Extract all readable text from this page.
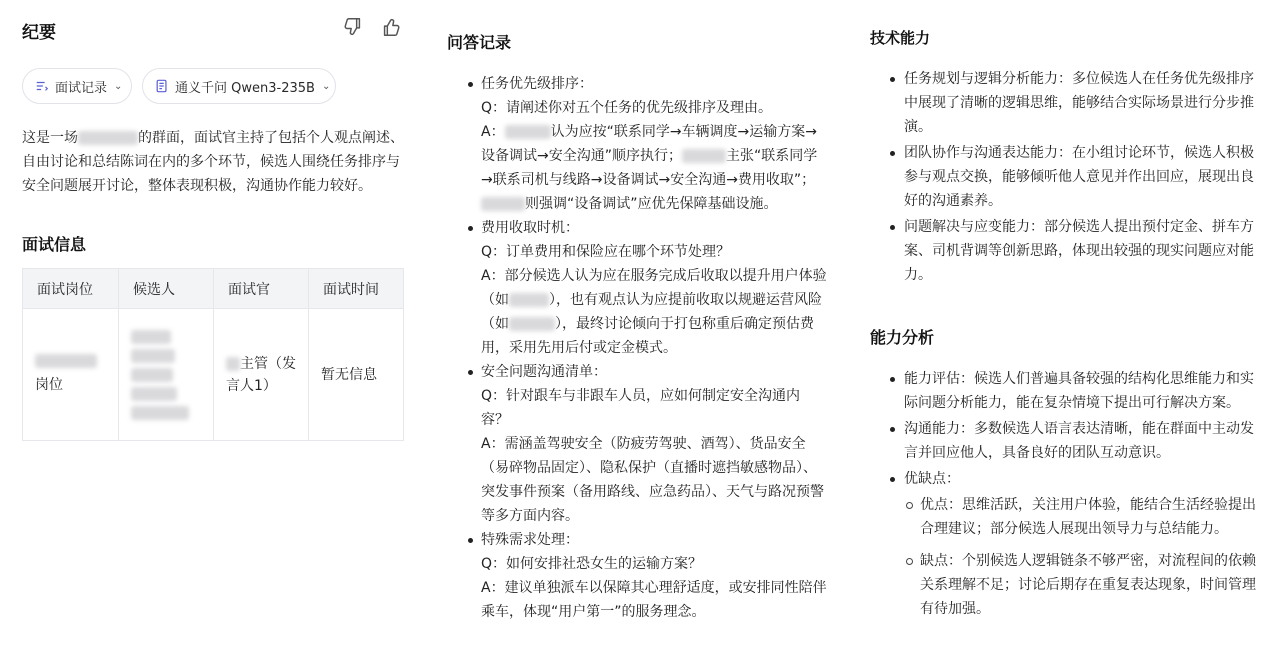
纪要
面试记录 ⌄	通义千问 Qwen3-235B ⌄
这是一场	的群面，面试官主持了包括个人观点阐述、自由讨论和总结陈词在内的多个环节，候选人围绕任务排序与安全问题展开讨论，整体表现积极，沟通协作能力较好。
面试信息
面试岗位	候选人	面试官	面试时间

岗位		主管（发言人1）	暂无信息
问答记录
任务优先级排序：
Q：请阐述你对五个任务的优先级排序及理由。
A：	认为应按“联系同学→车辆调度→运输方案→设备调试→安全沟通”顺序执行；	主张“联系同学→联系司机与线路→设备调试→安全沟通→费用收取”；则强调“设备调试”应优先保障基础设施。
费用收取时机：
Q：订单费用和保险应在哪个环节处理？
A：部分候选人认为应在服务完成后收取以提升用户体验（如	），也有观点认为应提前收取以规避运营风险（如	），最终讨论倾向于打包称重后确定预估费用，采用先用后付或定金模式。
安全问题沟通清单：
Q：针对跟车与非跟车人员，应如何制定安全沟通内容？
A：需涵盖驾驶安全（防疲劳驾驶、酒驾）、货品安全（易碎物品固定）、隐私保护（直播时遮挡敏感物品）、突发事件预案（备用路线、应急药品）、天气与路况预警等多方面内容。
特殊需求处理：
Q：如何安排社恐女生的运输方案？
A：建议单独派车以保障其心理舒适度，或安排同性陪伴乘车，体现“用户第一”的服务理念。
技术能力
任务规划与逻辑分析能力：多位候选人在任务优先级排序中展现了清晰的逻辑思维，能够结合实际场景进行分步推演。
团队协作与沟通表达能力：在小组讨论环节，候选人积极参与观点交换，能够倾听他人意见并作出回应，展现出良好的沟通素养。
问题解决与应变能力：部分候选人提出预付定金、拼车方案、司机背调等创新思路，体现出较强的现实问题应对能力。
能力分析
能力评估：候选人们普遍具备较强的结构化思维能力和实际问题分析能力，能在复杂情境下提出可行解决方案。
沟通能力：多数候选人语言表达清晰，能在群面中主动发言并回应他人，具备良好的团队互动意识。
优缺点：
优点：思维活跃，关注用户体验，能结合生活经验提出合理建议；部分候选人展现出领导力与总结能力。
缺点：个别候选人逻辑链条不够严密，对流程间的依赖关系理解不足；讨论后期存在重复表达现象，时间管理有待加强。
